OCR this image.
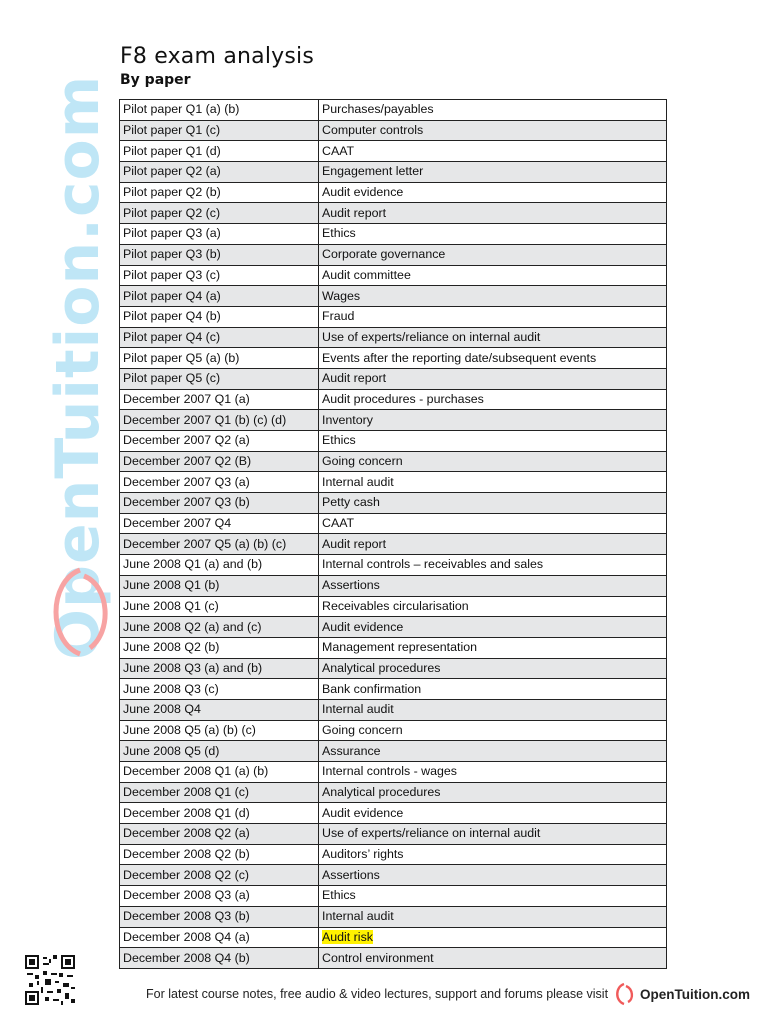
F8 exam analysis
By paper
OpenTuition.com Pilot paper Q1 (a) (b)	Purchases/payables
Pilot paper Q1 (c)	Computer controls
Pilot paper Q1 (d)	CAAT
Pilot paper Q2 (a)	Engagement letter
Pilot paper Q2 (b)	Audit evidence
Pilot paper Q2 (c)	Audit report
Pilot paper Q3 (a)	Ethics
Pilot paper Q3 (b)	Corporate governance
Pilot paper Q3 (c)	Audit committee
Pilot paper Q4 (a)	Wages
Pilot paper Q4 (b)	Fraud
Pilot paper Q4 (c)	Use of experts/reliance on internal audit
Pilot paper Q5 (a) (b)	Events after the reporting date/subsequent events
Pilot paper Q5 (c)	Audit report
December 2007 Q1 (a)	Audit procedures - purchases
December 2007 Q1 (b) (c) (d)	Inventory
December 2007 Q2 (a)	Ethics
December 2007 Q2 (B)	Going concern
December 2007 Q3 (a)	Internal audit
December 2007 Q3 (b)	Petty cash
December 2007 Q4	CAAT
December 2007 Q5 (a) (b) (c)	Audit report
June 2008 Q1 (a) and (b)	Internal controls – receivables and sales
June 2008 Q1 (b)	Assertions
June 2008 Q1 (c)	Receivables circularisation
June 2008 Q2 (a) and (c)	Audit evidence
June 2008 Q2 (b)	Management representation
June 2008 Q3 (a) and (b)	Analytical procedures
June 2008 Q3 (c)	Bank confirmation
June 2008 Q4	Internal audit
June 2008 Q5 (a) (b) (c)	Going concern
June 2008 Q5 (d)	Assurance
December 2008 Q1 (a) (b)	Internal controls - wages
December 2008 Q1 (c)	Analytical procedures
December 2008 Q1 (d)	Audit evidence
December 2008 Q2 (a)	Use of experts/reliance on internal audit
December 2008 Q2 (b)	Auditors’ rights
December 2008 Q2 (c)	Assertions
December 2008 Q3 (a)	Ethics
December 2008 Q3 (b)	Internal audit
December 2008 Q4 (a)	Audit risk
December 2008 Q4 (b)	Control environment
For latest course notes, free audio & video lectures, support and forums please visit OpenTuition.com
